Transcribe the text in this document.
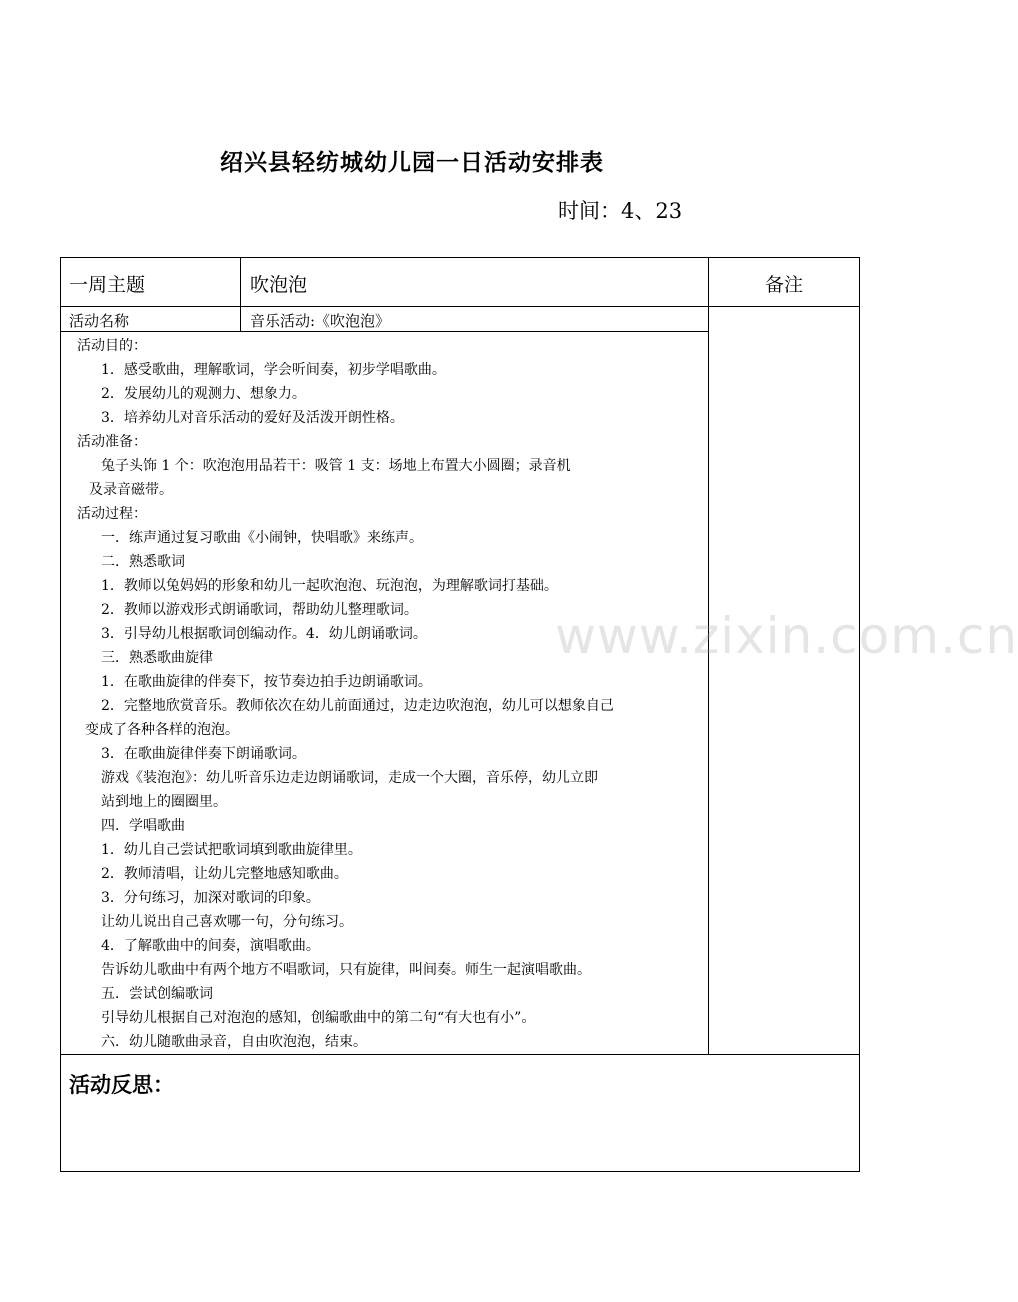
绍兴县轻纺城幼儿园一日活动安排表
时间：4、23
一周主题	吹泡泡	备注
活动名称	音乐活动:《吹泡泡》
活动目的：
1．感受歌曲，理解歌词，学会听间奏，初步学唱歌曲。
2．发展幼儿的观测力、想象力。
3．培养幼儿对音乐活动的爱好及活泼开朗性格。
活动准备：
兔子头饰 1 个：吹泡泡用品若干：吸管 1 支：场地上布置大小圆圈；录音机
及录音磁带。
活动过程：
一．练声通过复习歌曲《小闹钟，快唱歌》来练声。
二．熟悉歌词
1．教师以兔妈妈的形象和幼儿一起吹泡泡、玩泡泡，为理解歌词打基础。
2．教师以游戏形式朗诵歌词，帮助幼儿整理歌词。
3．引导幼儿根据歌词创编动作。4．幼儿朗诵歌词。
三．熟悉歌曲旋律
1．在歌曲旋律的伴奏下，按节奏边拍手边朗诵歌词。
2．完整地欣赏音乐。教师依次在幼儿前面通过，边走边吹泡泡，幼儿可以想象自己
变成了各种各样的泡泡。
3．在歌曲旋律伴奏下朗诵歌词。
游戏《装泡泡》：幼儿听音乐边走边朗诵歌词，走成一个大圈，音乐停，幼儿立即
站到地上的圈圈里。
四．学唱歌曲
1．幼儿自己尝试把歌词填到歌曲旋律里。
2．教师清唱，让幼儿完整地感知歌曲。
3．分句练习，加深对歌词的印象。
让幼儿说出自己喜欢哪一句，分句练习。
4．了解歌曲中的间奏，演唱歌曲。
告诉幼儿歌曲中有两个地方不唱歌词，只有旋律，叫间奏。师生一起演唱歌曲。
五．尝试创编歌词
引导幼儿根据自己对泡泡的感知，创编歌曲中的第二句“有大也有小”。
六．幼儿随歌曲录音，自由吹泡泡，结束。
活动反思：
www.zixin.com.cn
